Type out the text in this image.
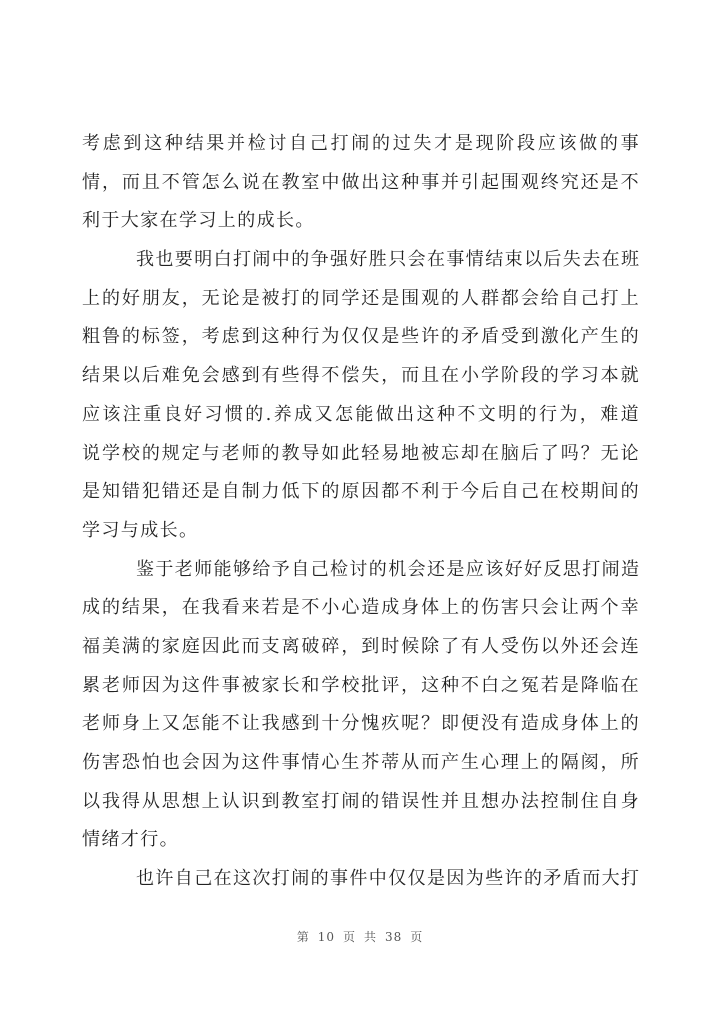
考虑到这种结果并检讨自己打闹的过失才是现阶段应该做的事
情，而且不管怎么说在教室中做出这种事并引起围观终究还是不
利于大家在学习上的成长。
我也要明白打闹中的争强好胜只会在事情结束以后失去在班
上的好朋友，无论是被打的同学还是围观的人群都会给自己打上
粗鲁的标签，考虑到这种行为仅仅是些许的矛盾受到激化产生的
结果以后难免会感到有些得不偿失，而且在小学阶段的学习本就
应该注重良好习惯的.养成又怎能做出这种不文明的行为，难道
说学校的规定与老师的教导如此轻易地被忘却在脑后了吗？无论
是知错犯错还是自制力低下的原因都不利于今后自己在校期间的
学习与成长。
鉴于老师能够给予自己检讨的机会还是应该好好反思打闹造
成的结果，在我看来若是不小心造成身体上的伤害只会让两个幸
福美满的家庭因此而支离破碎，到时候除了有人受伤以外还会连
累老师因为这件事被家长和学校批评，这种不白之冤若是降临在
老师身上又怎能不让我感到十分愧疚呢？即便没有造成身体上的
伤害恐怕也会因为这件事情心生芥蒂从而产生心理上的隔阂，所
以我得从思想上认识到教室打闹的错误性并且想办法控制住自身
情绪才行。
也许自己在这次打闹的事件中仅仅是因为些许的矛盾而大打
第 10 页 共 38 页
